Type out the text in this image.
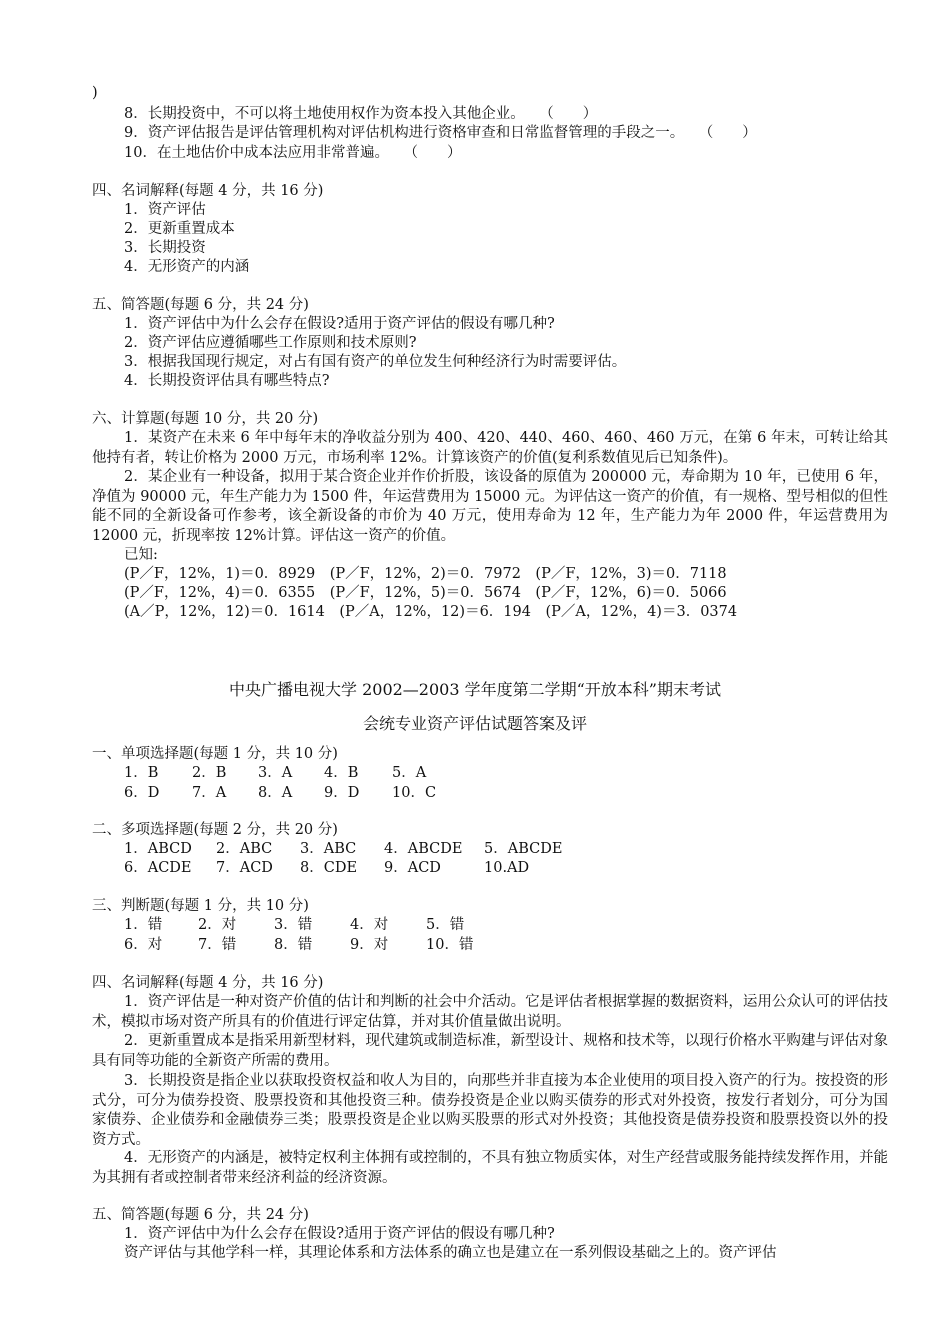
)
8．长期投资中，不可以将土地使用权作为资本投入其他企业。　　（　　）
9．资产评估报告是评估管理机构对评估机构进行资格审查和日常监督管理的手段之一。　　（　　）
10．在土地估价中成本法应用非常普遍。　　（　　）
四、名词解释(每题 4 分，共 16 分)
1．资产评估
2．更新重置成本
3．长期投资
4．无形资产的内涵
五、简答题(每题 6 分，共 24 分)
1．资产评估中为什么会存在假设?适用于资产评估的假设有哪几种?
2．资产评估应遵循哪些工作原则和技术原则?
3．根据我国现行规定，对占有国有资产的单位发生何种经济行为时需要评估。
4．长期投资评估具有哪些特点?
六、计算题(每题 10 分，共 20 分)
1．某资产在未来 6 年中每年末的净收益分别为 400、420、440、460、460、460 万元，在第 6 年末，可转让给其他持有者，转让价格为 2000 万元，市场利率 12%。计算该资产的价值(复利系数值见后已知条件)。
2．某企业有一种设备，拟用于某合资企业并作价折股，该设备的原值为 200000 元，寿命期为 10 年，已使用 6 年，净值为 90000 元，年生产能力为 1500 件，年运营费用为 15000 元。为评估这一资产的价值，有一规格、型号相似的但性能不同的全新设备可作参考，该全新设备的市价为 40 万元，使用寿命为 12 年，生产能力为年 2000 件，年运营费用为 12000 元，折现率按 12%计算。评估这一资产的价值。
已知:
(P／F，12%，1)＝0．8929　(P／F，12%，2)＝0．7972　(P／F，12%，3)＝0．7118
(P／F，12%，4)＝0．6355　(P／F，12%，5)＝0．5674　(P／F，12%，6)＝0．5066
(A／P，12%，12)＝0．1614　(P／A，12%，12)＝6．194　(P／A，12%，4)＝3．0374
中央广播电视大学 2002—2003 学年度第二学期“开放本科”期末考试
会统专业资产评估试题答案及评
一、单项选择题(每题 1 分，共 10 分)
1．B	2．B	3．A	4．B	5．A
6．D	7．A	8．A	9．D	10．C
二、多项选择题(每题 2 分，共 20 分)
1．ABCD	2．ABC	3．ABC	4．ABCDE	5．ABCDE
6．ACDE	7．ACD	8．CDE	9．ACD	10.AD
三、判断题(每题 1 分，共 10 分)
1．错	2．对	3．错	4．对	5．错
6．对	7．错	8．错	9．对	10．错
四、名词解释(每题 4 分，共 16 分)
1．资产评估是一种对资产价值的估计和判断的社会中介活动。它是评估者根据掌握的数据资料，运用公众认可的评估技术，模拟市场对资产所具有的价值进行评定估算，并对其价值量做出说明。
2．更新重置成本是指采用新型材料，现代建筑或制造标准，新型设计、规格和技术等，以现行价格水平购建与评估对象具有同等功能的全新资产所需的费用。
3．长期投资是指企业以获取投资权益和收人为目的，向那些并非直接为本企业使用的项目投入资产的行为。按投资的形式分，可分为债券投资、股票投资和其他投资三种。债券投资是企业以购买债券的形式对外投资，按发行者划分，可分为国家债券、企业债券和金融债券三类；股票投资是企业以购买股票的形式对外投资；其他投资是债券投资和股票投资以外的投资方式。
4．无形资产的内涵是，被特定权利主体拥有或控制的，不具有独立物质实体，对生产经营或服务能持续发挥作用，并能为其拥有者或控制者带来经济利益的经济资源。
五、简答题(每题 6 分，共 24 分)
1．资产评估中为什么会存在假设?适用于资产评估的假设有哪几种?
资产评估与其他学科一样，其理论体系和方法体系的确立也是建立在一系列假设基础之上的。资产评估
